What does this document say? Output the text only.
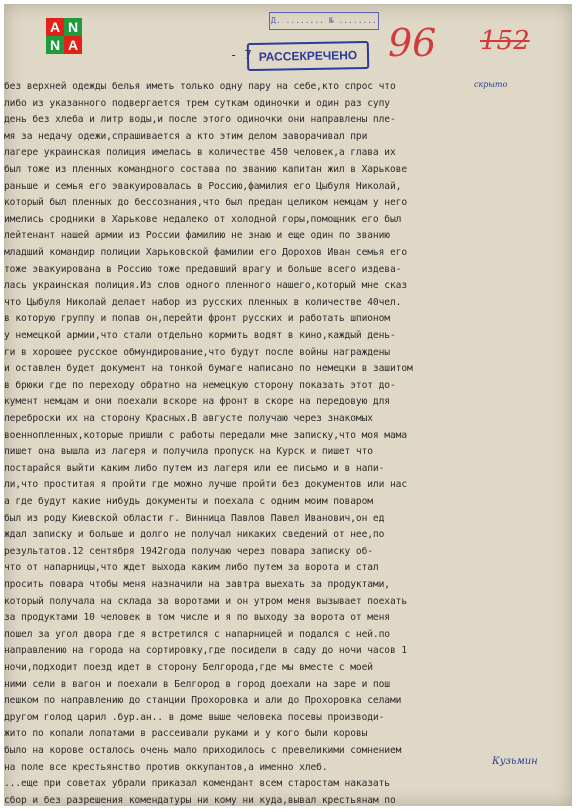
A N
N A
Д. ........ № ........
- 7 РАССЕКРЕЧЕНО 96 152
скрыто
Кузьмин
без верхней одежды белья иметь только одну пару на себе,кто спрос что
либо из указанного подвергается трем суткам одиночки и один раз супу
день без хлеба и литр воды,и после этого одиночки они направлены пле-
мя за недачу одежи,спрашивается а кто этим делом заворачивал при
лагере украинская полиция имелась в количестве 450 человек,а глава их
был тоже из пленных командного состава по званию капитан жил в Харькове
раньше и семья его эвакуировалась в Россию,фамилия его Цыбуля Николай,
который был пленных до бессознания,что был предан целиком немцам у него
имелись сродники в Харькове недалеко от холодной горы,помощник его был
лейтенант нашей армии из России фамилию не знаю и еще один по званию
младший командир полиции Харьковской фамилии его Дорохов Иван семья его
тоже эвакуирована в Россию тоже предавший врагу и больше всего издева-
лась украинская полиция.Из слов одного пленного нашего,который мне сказ
что Цыбуля Николай делает набор из русских пленных в количестве 40чел.
в которую группу и попав он,перейти фронт русских и работать шпионом
у немецкой армии,что стали отдельно кормить водят в кино,каждый день-
ги в хорошее русское обмундирование,что будут после войны награждены
и оставлен будет документ на тонкой бумаге написано по немецки в зашитом
в брюки где по переходу обратно на немецкую сторону показать этот до-
кумент немцам и они поехали вскоре на фронт в скоре на передовую для
переброски их на сторону Красных.В августе получаю через знакомых
военнопленных,которые пришли с работы передали мне записку,что моя мама
пишет она вышла из лагеря и получила пропуск на Курск и пишет что
постарайся выйти каким либо путем из лагеря или ее письмо и в напи-
ли,что проститая я пройти где можно лучше пройти без документов или нас
а где будут какие нибудь документы и поехала с одним моим поваром
был из роду Киевской области г. Винница Павлов Павел Иванович,он ед
ждал записку и больше и долго не получал никаких сведений от нее,по
результатов.12 сентября 1942года получаю через повара записку об-
что от напарницы,что ждет выхода каким либо путем за ворота и стал
просить повара чтобы меня назначили на завтра выехать за продуктами,
который получала на склада за воротами и он утром меня вызывает поехать
за продуктами 10 человек в том числе и я по выходу за ворота от меня
пошел за угол двора где я встретился с напарницей и подался с ней.по
направлению на города на сортировку,где посидели в саду до ночи часов 1
ночи,подходит поезд идет в сторону Белгорода,где мы вместе с моей
ними сели в вагон и поехали в Белгород в город доехали на заре и пош
пешком по направлению до станции Прохоровка и али до Прохоровка селами
другом голод царил .бур.ан.. в доме выше человека посевы производи-
жито по копали лопатами в рассеивали руками и у кого были коровы
было на корове осталось очень мало приходилось с превеликими сомнением
на поле все крестьянство против оккупантов,а именно хлеб.
...еще при советах убрали приказал комендант всем старостам наказать
сбор и без разрешения комендатуры ни кому ни куда,вывал крестьянам по
